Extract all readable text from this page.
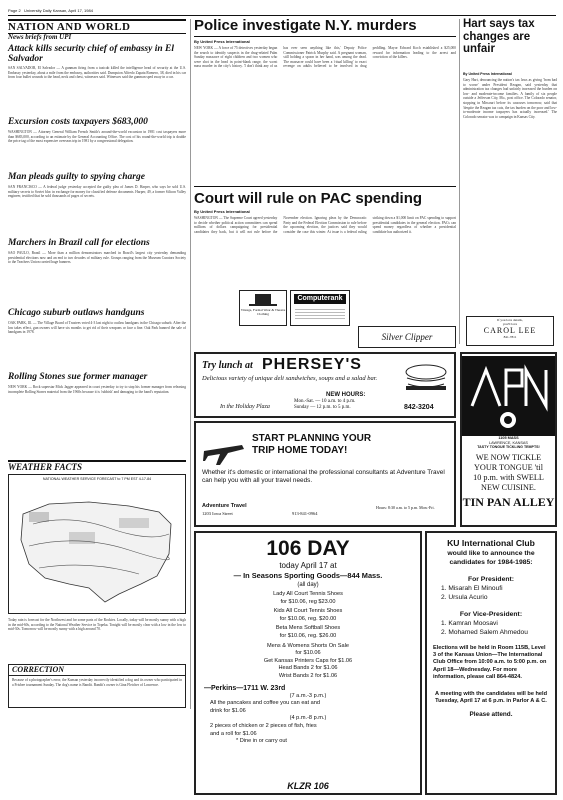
Page 2 University Daily Kansan, April 17, 1984
NATION AND WORLD
News briefs from UPI
Attack kills security chief of embassy in El Salvador
SAN SALVADOR, El Salvador — A gunman firing from a taxicab killed the intelligence head of security at the U.S. Embassy yesterday, about a mile from the embassy, authorities said. Dumpsion Alfredo Zapata Romero, 38, died in his car from four bullet wounds to the head, neck and chest, witnesses said. Witnesses said the gunman sped away in a car.
Excursion costs taxpayers $683,000
WASHINGTON — Attorney General William French Smith's around-the-world excursion in 1981 cost taxpayers more than $683,000, according to an estimate by the General Accounting Office. The cost of his round-the-world trip is double the price tag of the most expensive overseas trip in 1981 by a congressional delegation.
Man pleads guilty to spying charge
SAN FRANCISCO — A federal judge yesterday accepted the guilty plea of James D. Harper, who says he sold U.S. military secrets to Soviet bloc in exchange for money for classified defense documents. Harper, 49, a former Silicon Valley engineer, testified that he sold thousands of pages of secrets.
Marchers in Brazil call for elections
SAO PAULO, Brazil — More than a million demonstrators marched in Brazil's largest city yesterday demanding presidential elections now and an end to two decades of military rule. Groups ranging from the Museum Curators Society to the Teachers Union carried huge banners.
Chicago suburb outlaws handguns
OAK PARK, Ill. — The Village Board of Trustees voted 4-3 last night to outlaw handguns in the Chicago suburb. After the law takes effect, gun owners will have six months to get rid of their weapons or face a fine. Oak Park banned the sale of handguns in 1978.
Rolling Stones sue former manager
NEW YORK — Rock superstar Mick Jagger appeared in court yesterday to try to stop his former manager from releasing incomplete Rolling Stones material from the 1960s because it is 'rubbish' and damaging to the band's reputation.
WEATHER FACTS
NATIONAL WEATHER SERVICE FORECAST to 7 PM EST 4-17-84
Today rain is forecast for the Northwest and for some parts of the Rockies. Locally, today will be mostly sunny with a high in the mid-60s, according to the National Weather Service in Topeka. Tonight will be mostly clear with a low in the low to mid-30s. Tomorrow will be mostly sunny with a high around 70.
CORRECTION
Because of a photographer's error, the Kansan yesterday incorrectly identified a dog and its owner who participated in a Frisbee tournament Sunday. The dog's name is Bandit. Bandit's owner is Gina Fletcher of Lawrence.
Police investigate N.Y. murders
By United Press International
NEW YORK — A force of 75 detectives yesterday began the search to identify suspects in the drug-related Palm Sunday massacre of eight children and two women who were shot in the head in point-blank range, the worst mass murder in the city's history. 'I don't think any of us has ever seen anything like this,' Deputy Police Commissioner Patrick Murphy said. A pregnant woman, still holding a spoon in her hand, was among the dead. The massacre could have been a 'ritual killing' to exact revenge on adults believed to be involved in drug peddling. Mayor Edward Koch established a $25,000 reward for information leading to the arrest and conviction of the killers.
Court will rule on PAC spending
By United Press International
WASHINGTON — The Supreme Court agreed yesterday to decide whether political action committees can spend millions of dollars campaigning for presidential candidates they back, but it will not rule before the November election. Ignoring pleas by the Democratic Party and the Federal Election Commission to rule before the upcoming election, the justices said they would consider the case this winter. At issue is a federal ruling striking down a $1,000 limit on PAC spending to support presidential candidates in the general election. PACs can spend money regardless of whether a presidential candidate has authorized it.
Vintage, Formal Wear & Theatre Clothing
Computerank
Hart says tax changes are unfair
By United Press International
Gary Hart, denouncing the nation's tax laws as giving 'from bad to worse' under President Reagan, said yesterday that administration tax changes had unfairly increased the burden on low- and moderate-income families. A family of six people outside a Jefferson City, Mo., post office. The Colorado senator, stopping in Missouri before its caucuses tomorrow, said that 'despite the Reagan tax cuts, the tax burden on the poor and low-to-moderate income taxpayers has actually increased.' The Colorado senator was to campaign in Kansas City.
If you love details,
you'll love
CAROL LEE
841-7811
Silver Clipper
Try lunch at PHERSEY'S
Delicious variety of unique deli sandwiches, soups and a salad bar.
NEW HOURS:
Mon.-Sat. — 10 a.m. to 4 p.m.
Sunday — 12 p.m. to 5 p.m.
In the Holiday Plaza	842-3204
START PLANNING YOUR
TRIP HOME TODAY!
Whether it's domestic or international the professional consultants at Adventure Travel can help you with all your travel needs.
Adventure Travel
1203 Iowa Street	913-841-0964
Hours: 8:30 a.m. to 5 p.m. Mon.-Fri.
1105 MASS
LAWRENCE, KANSAS
TASTY TONGUE TICKLING TEMPTS!
WE NOW TICKLE
YOUR TONGUE 'til
10 p.m. with SWELL
NEW CUISINE.
TIN PAN ALLEY
106 DAY
today April 17 at
— In Seasons Sporting Goods—844 Mass.
(all day)
Lady All Court Tennis Shoes
for $10.06, reg $23.00
Kids All Court Tennis Shoes
for $10.06, reg. $20.00
Beta Mens Softball Shoes
for $10.06, reg. $26.00
Mens & Womens Shorts On Sale
for $10.06
Get Kansas Printers Caps for $1.06
Head Bands 2 for $1.06
Wrist Bands 2 for $1.06
—Perkins—1711 W. 23rd
(7 a.m.-3 p.m.)
All the pancakes and coffee you can eat and
drink for $1.06
(4 p.m.-8 p.m.)
2 pieces of chicken or 2 pieces of fish, fries
and a roll for $1.06
* Dine in or carry out
KLZR 106
KU International Club
would like to announce the
candidates for 1984-1985:
For President:
1. Misarah El Minoufi
2. Ursula Acurio
For Vice-President:
1. Kamran Moosavi
2. Mohamed Salem Ahmedou
Elections will be held in Room 115B, Level 3 of the Kansas Union—The International Club Office from 10:00 a.m. to 5:00 p.m. on April 18—Wednesday. For more information, please call 864-4824.
A meeting with the candidates will be held Tuesday, April 17 at 6 p.m. in Parlor A & C.
Please attend.
